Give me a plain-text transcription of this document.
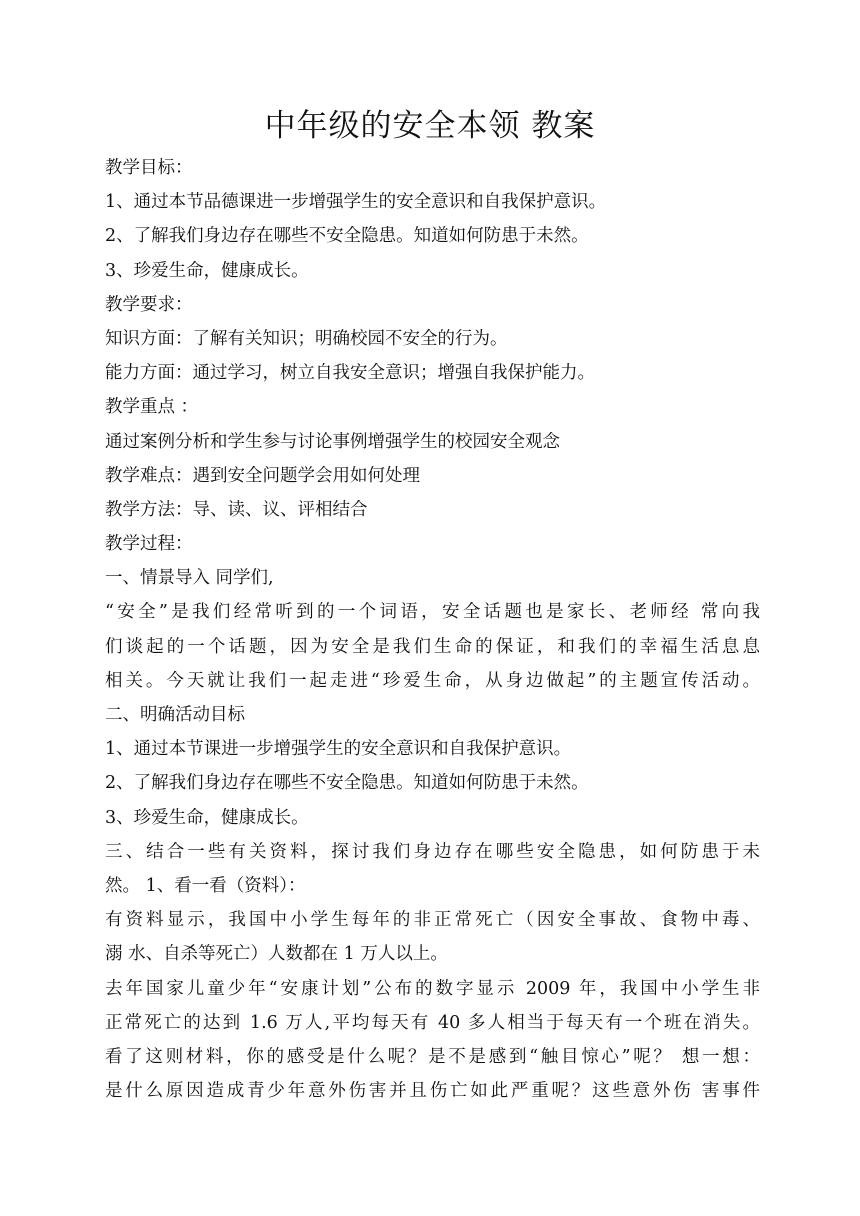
中年级的安全本领 教案
教学目标：
1、通过本节品德课进一步增强学生的安全意识和自我保护意识。
2、了解我们身边存在哪些不安全隐患。知道如何防患于未然。
3、珍爱生命，健康成长。
教学要求：
知识方面：了解有关知识；明确校园不安全的行为。
能力方面：通过学习，树立自我安全意识；增强自我保护能力。
教学重点 ：
通过案例分析和学生参与讨论事例增强学生的校园安全观念
教学难点：遇到安全问题学会用如何处理
教学方法：导、读、议、评相结合
教学过程：
一、情景导入 同学们,
“安全”是我们经常听到的一个词语，安全话题也是家长、老师经 常向我
们谈起的一个话题，因为安全是我们生命的保证，和我们的幸福生活息息
相关。今天就让我们一起走进“珍爱生命，从身边做起”的主题宣传活动。
二、明确活动目标
1、通过本节课进一步增强学生的安全意识和自我保护意识。
2、了解我们身边存在哪些不安全隐患。知道如何防患于未然。
3、珍爱生命，健康成长。
三、结合一些有关资料，探讨我们身边存在哪些安全隐患，如何防患于未
然。 1、看一看（资料）：
有资料显示，我国中小学生每年的非正常死亡（因安全事故、食物中毒、
溺 水、自杀等死亡）人数都在 1 万人以上。
去年国家儿童少年“安康计划”公布的数字显示 2009 年，我国中小学生非
正常死亡的达到 1.6 万人,平均每天有 40 多人相当于每天有一个班在消失。
看了这则材料，你的感受是什么呢？是不是感到“触目惊心”呢？ 想一想：
是什么原因造成青少年意外伤害并且伤亡如此严重呢？这些意外伤 害事件
